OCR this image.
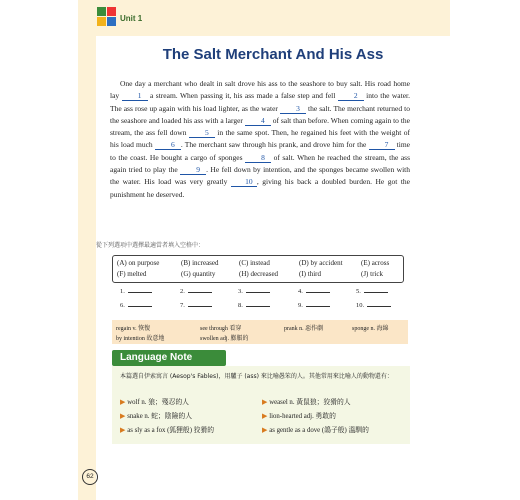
Unit 1
The Salt Merchant And His Ass

One day a merchant who dealt in salt drove his ass to the seashore to buy salt. His road home lay 1 a stream. When passing it, his ass made a false step and fell 2 into the water. The ass rose up again with his load lighter, as the water 3 the salt. The merchant returned to the seashore and loaded his ass with a larger 4 of salt than before. When coming again to the stream, the ass fell down 5 in the same spot. Then, he regained his feet with the weight of his load much 6 . The merchant saw through his prank, and drove him for the 7 time to the coast. He bought a cargo of sponges 8 of salt. When he reached the stream, the ass again tried to play the 9 . He fell down by intention, and the sponges became swollen with the water. His load was very greatly 10 , giving his back a doubled burden. He got the punishment he deserved.

從下列選項中選擇最適當者填入空格中：
(A) on purpose	(B) increased	(C) instead	(D) by accident	(E) across
(F) melted	(G) quantity	(H) decreased	(I) third	(J) trick
1.	2.	3.	4.	5.
6.	7.	8.	9.	10.
regain v. 恢復	see through 看穿	prank n. 惡作劇	sponge n. 海綿
by intention 故意地	swollen adj. 膨脹的
Language Note
本篇選自伊索寓言 (Aesop's Fables)，用驢子 (ass) 來比喻愚笨的人。其他常用來比喻人的動物還有：
▶ wolf n. 狼；殘忍的人	▶ weasel n. 黃鼠狼；狡猾的人
▶ snake n. 蛇；陰險的人	▶ lion-hearted adj. 勇敢的
▶ as sly as a fox (狐狸般) 狡猾的	▶ as gentle as a dove (鴿子般) 溫馴的
62
